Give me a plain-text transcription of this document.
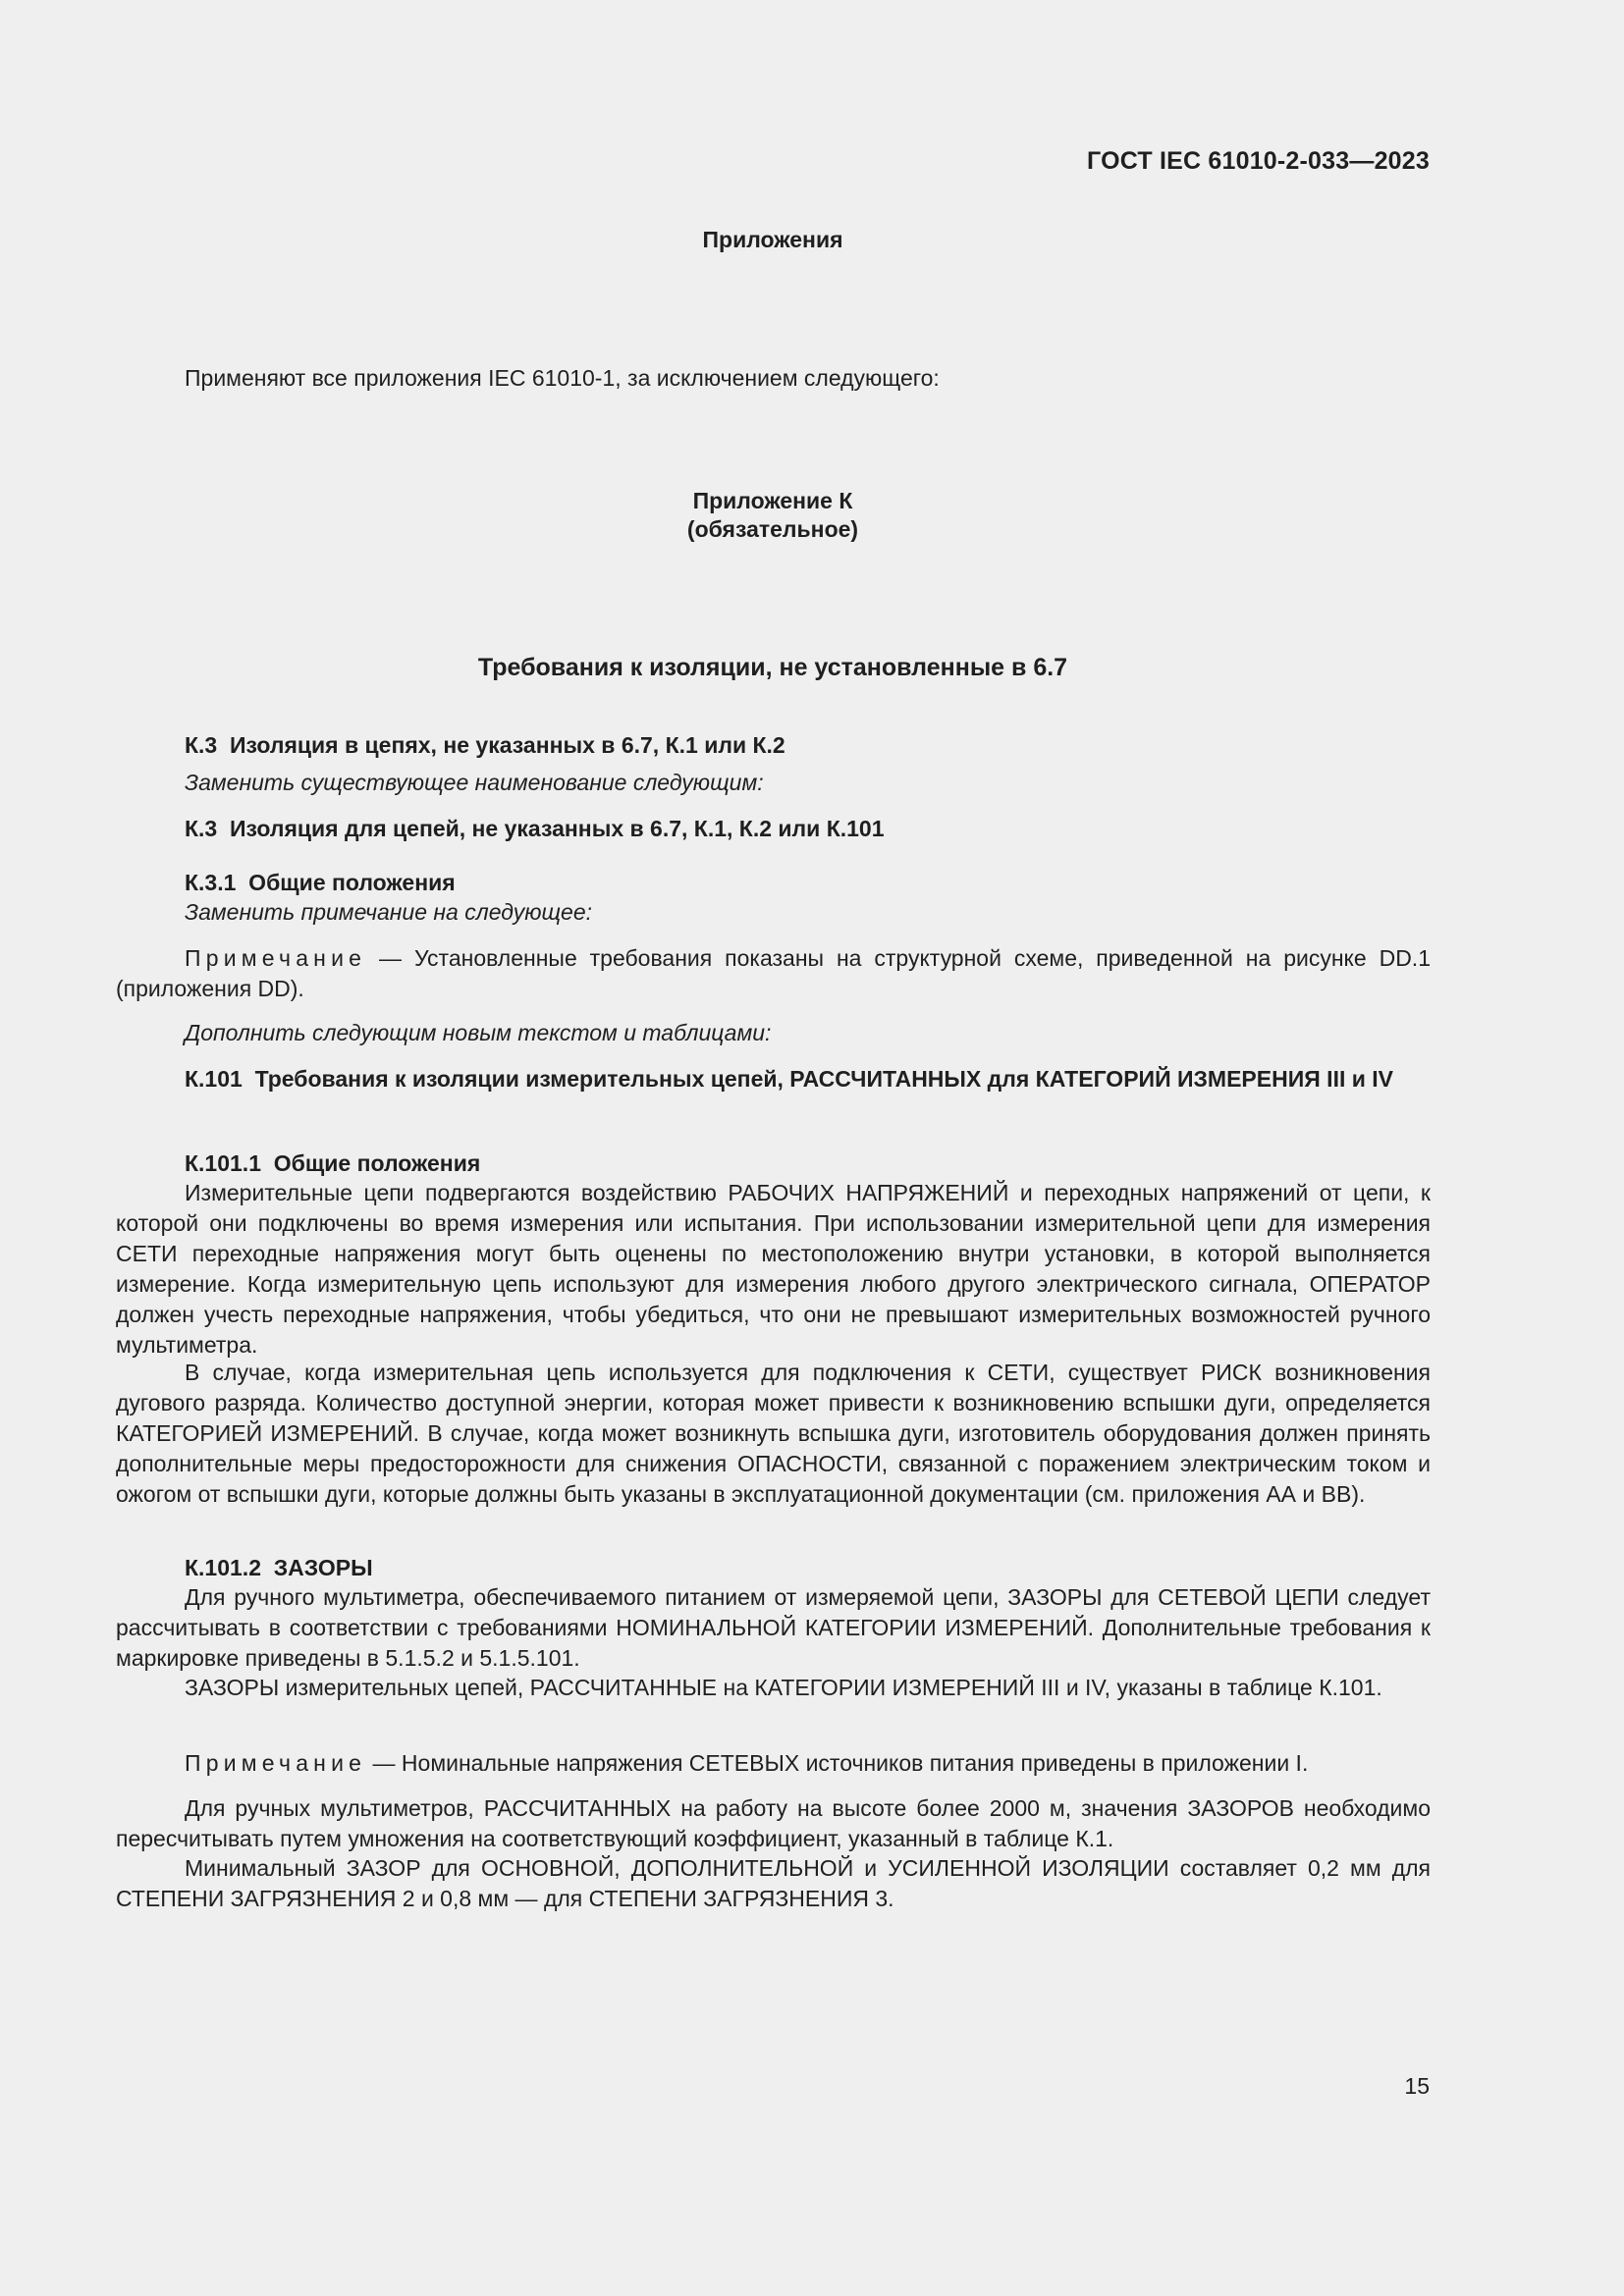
ГОСТ IEC 61010-2-033—2023
Приложения
Применяют все приложения IEC 61010-1, за исключением следующего:
Приложение К
(обязательное)
Требования к изоляции, не установленные в 6.7
К.3  Изоляция в цепях, не указанных в 6.7, К.1 или К.2
Заменить существующее наименование следующим:
К.3  Изоляция для цепей, не указанных в 6.7, К.1, К.2 или К.101
К.3.1  Общие положения
Заменить примечание на следующее:
Примечание — Установленные требования показаны на структурной схеме, приведенной на рисунке DD.1 (приложения DD).
Дополнить следующим новым текстом и таблицами:
К.101  Требования к изоляции измерительных цепей, РАССЧИТАННЫХ для КАТЕГОРИЙ ИЗМЕРЕНИЯ III и IV
К.101.1  Общие положения
Измерительные цепи подвергаются воздействию РАБОЧИХ НАПРЯЖЕНИЙ и переходных напряжений от цепи, к которой они подключены во время измерения или испытания. При использовании измерительной цепи для измерения СЕТИ переходные напряжения могут быть оценены по местоположению внутри установки, в которой выполняется измерение. Когда измерительную цепь используют для измерения любого другого электрического сигнала, ОПЕРАТОР должен учесть переходные напряжения, чтобы убедиться, что они не превышают измерительных возможностей ручного мультиметра.
В случае, когда измерительная цепь используется для подключения к СЕТИ, существует РИСК возникновения дугового разряда. Количество доступной энергии, которая может привести к возникновению вспышки дуги, определяется КАТЕГОРИЕЙ ИЗМЕРЕНИЙ. В случае, когда может возникнуть вспышка дуги, изготовитель оборудования должен принять дополнительные меры предосторожности для снижения ОПАСНОСТИ, связанной с поражением электрическим током и ожогом от вспышки дуги, которые должны быть указаны в эксплуатационной документации (см. приложения АА и ВВ).
К.101.2  ЗАЗОРЫ
Для ручного мультиметра, обеспечиваемого питанием от измеряемой цепи, ЗАЗОРЫ для СЕТЕВОЙ ЦЕПИ следует рассчитывать в соответствии с требованиями НОМИНАЛЬНОЙ КАТЕГОРИИ ИЗМЕРЕНИЙ. Дополнительные требования к маркировке приведены в 5.1.5.2 и 5.1.5.101.
ЗАЗОРЫ измерительных цепей, РАССЧИТАННЫЕ на КАТЕГОРИИ ИЗМЕРЕНИЙ III и IV, указаны в таблице К.101.
Примечание — Номинальные напряжения СЕТЕВЫХ источников питания приведены в приложении I.
Для ручных мультиметров, РАССЧИТАННЫХ на работу на высоте более 2000 м, значения ЗАЗОРОВ необходимо пересчитывать путем умножения на соответствующий коэффициент, указанный в таблице К.1.
Минимальный ЗАЗОР для ОСНОВНОЙ, ДОПОЛНИТЕЛЬНОЙ и УСИЛЕННОЙ ИЗОЛЯЦИИ составляет 0,2 мм для СТЕПЕНИ ЗАГРЯЗНЕНИЯ 2 и 0,8 мм — для СТЕПЕНИ ЗАГРЯЗНЕНИЯ 3.
15
